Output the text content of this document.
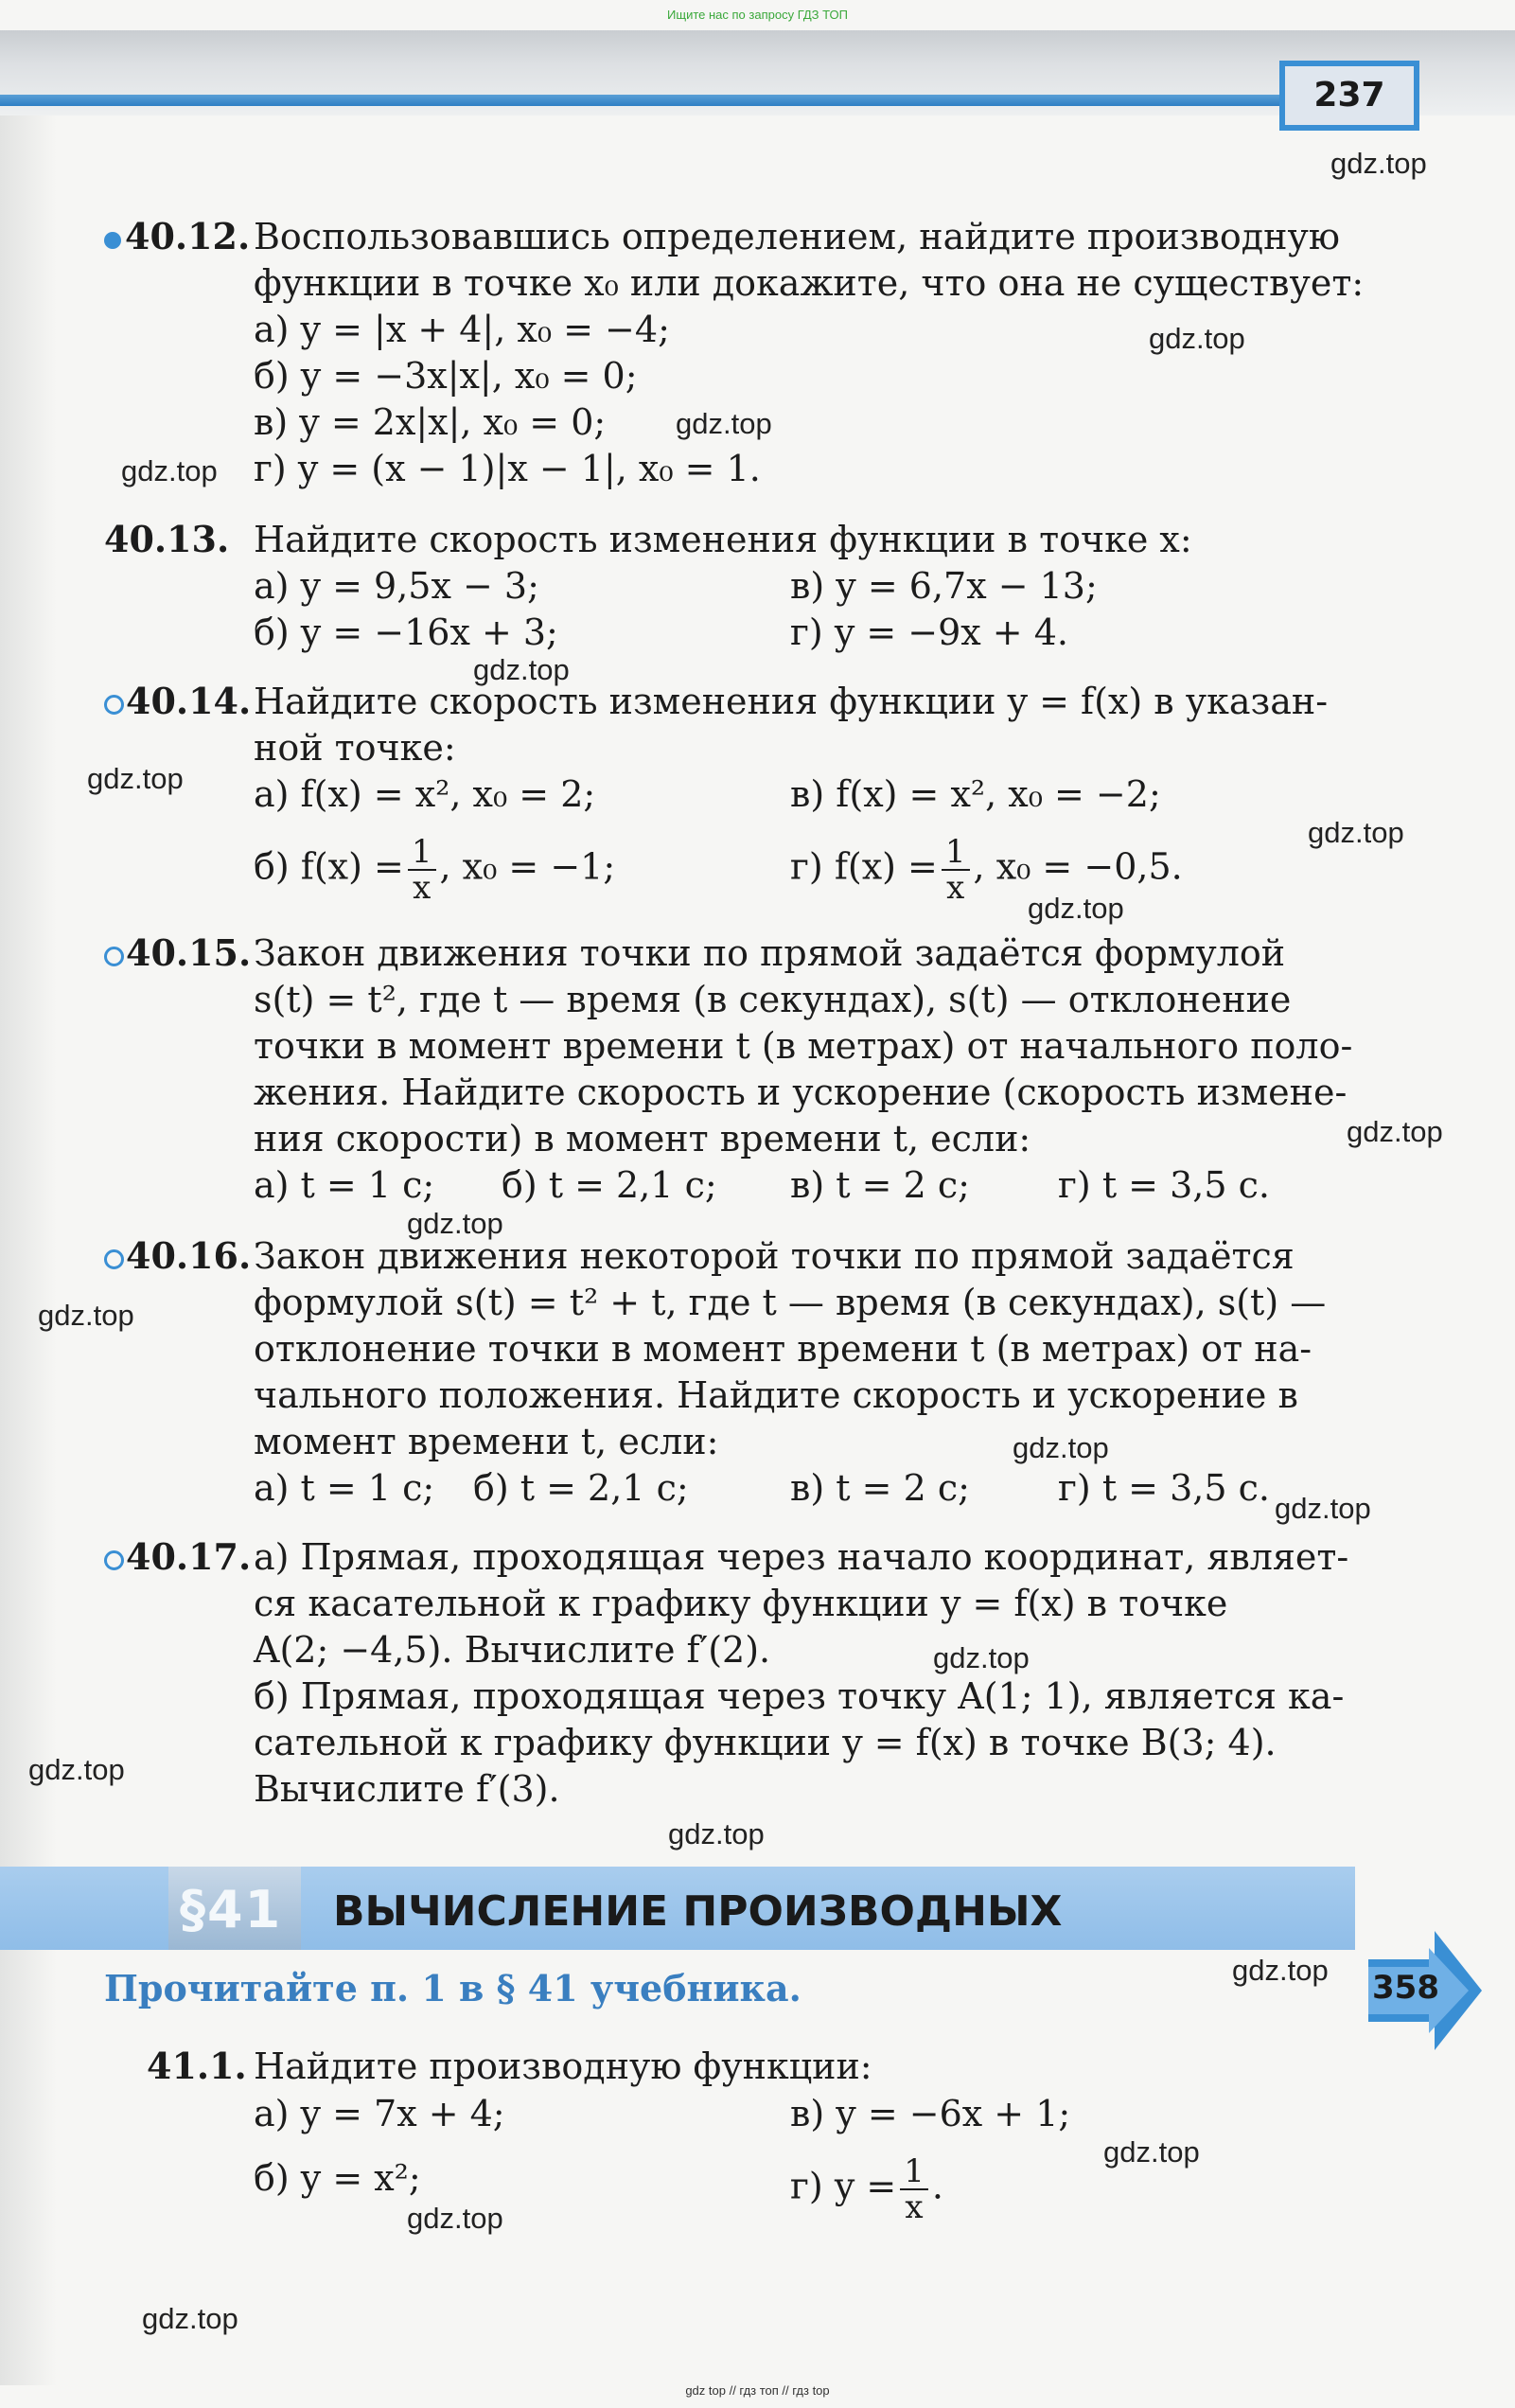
Ищите нас по запросу ГДЗ ТОП
237
40.12. Воспользовавшись определением, найдите производную
функции в точке x₀ или докажите, что она не существует:
а) y = |x + 4|, x₀ = −4;
б) y = −3x|x|, x₀ = 0;
в) y = 2x|x|, x₀ = 0;
г) y = (x − 1)|x − 1|, x₀ = 1.
40.13. Найдите скорость изменения функции в точке x:
а) y = 9,5x − 3;	в) y = 6,7x − 13;
б) y = −16x + 3;	г) y = −9x + 4.
40.14. Найдите скорость изменения функции y = f(x) в указан-
ной точке:
а) f(x) = x², x₀ = 2;	в) f(x) = x², x₀ = −2;
б) $f(x) = \frac{1}{x}$ , x₀ = −1;	г) $f(x) = \frac{1}{x}$ , x₀ = −0,5.
40.15. Закон движения точки по прямой задаётся формулой
s(t) = t², где t — время (в секундах), s(t) — отклонение
точки в момент времени t (в метрах) от начального поло-
жения. Найдите скорость и ускорение (скорость измене-
ния скорости) в момент времени t, если:
а) t = 1 с; б) t = 2,1 с; в) t = 2 с; г) t = 3,5 с.
40.16. Закон движения некоторой точки по прямой задаётся
формулой s(t) = t² + t, где t — время (в секундах), s(t) —
отклонение точки в момент времени t (в метрах) от на-
чального положения. Найдите скорость и ускорение в
момент времени t, если:
а) t = 1 с; б) t = 2,1 с;	в) t = 2 с; г) t = 3,5 с.
40.17. а) Прямая, проходящая через начало координат, являет-
ся касательной к графику функции y = f(x) в точке
A(2; −4,5). Вычислите f′(2).
б) Прямая, проходящая через точку A(1; 1), является ка-
сательной к графику функции y = f(x) в точке B(3; 4).
Вычислите f′(3).
§41 ВЫЧИСЛЕНИЕ ПРОИЗВОДНЫХ
Прочитайте п. 1 в § 41 учебника.	358
41.1. Найдите производную функции:
а) y = 7x + 4;	в) y = −6x + 1;
б) y = x²;	г) $y = \frac{1}{x}$ .
gdz.top
gdz.top
gdz.top
gdz.top
gdz.top
gdz.top
gdz.top
gdz.top
gdz.top
gdz.top
gdz.top
gdz.top
gdz.top
gdz.top
gdz.top
gdz.top
gdz.top
gdz.top
gdz.top
gdz.top
gdz top // гдз топ // гдз top
